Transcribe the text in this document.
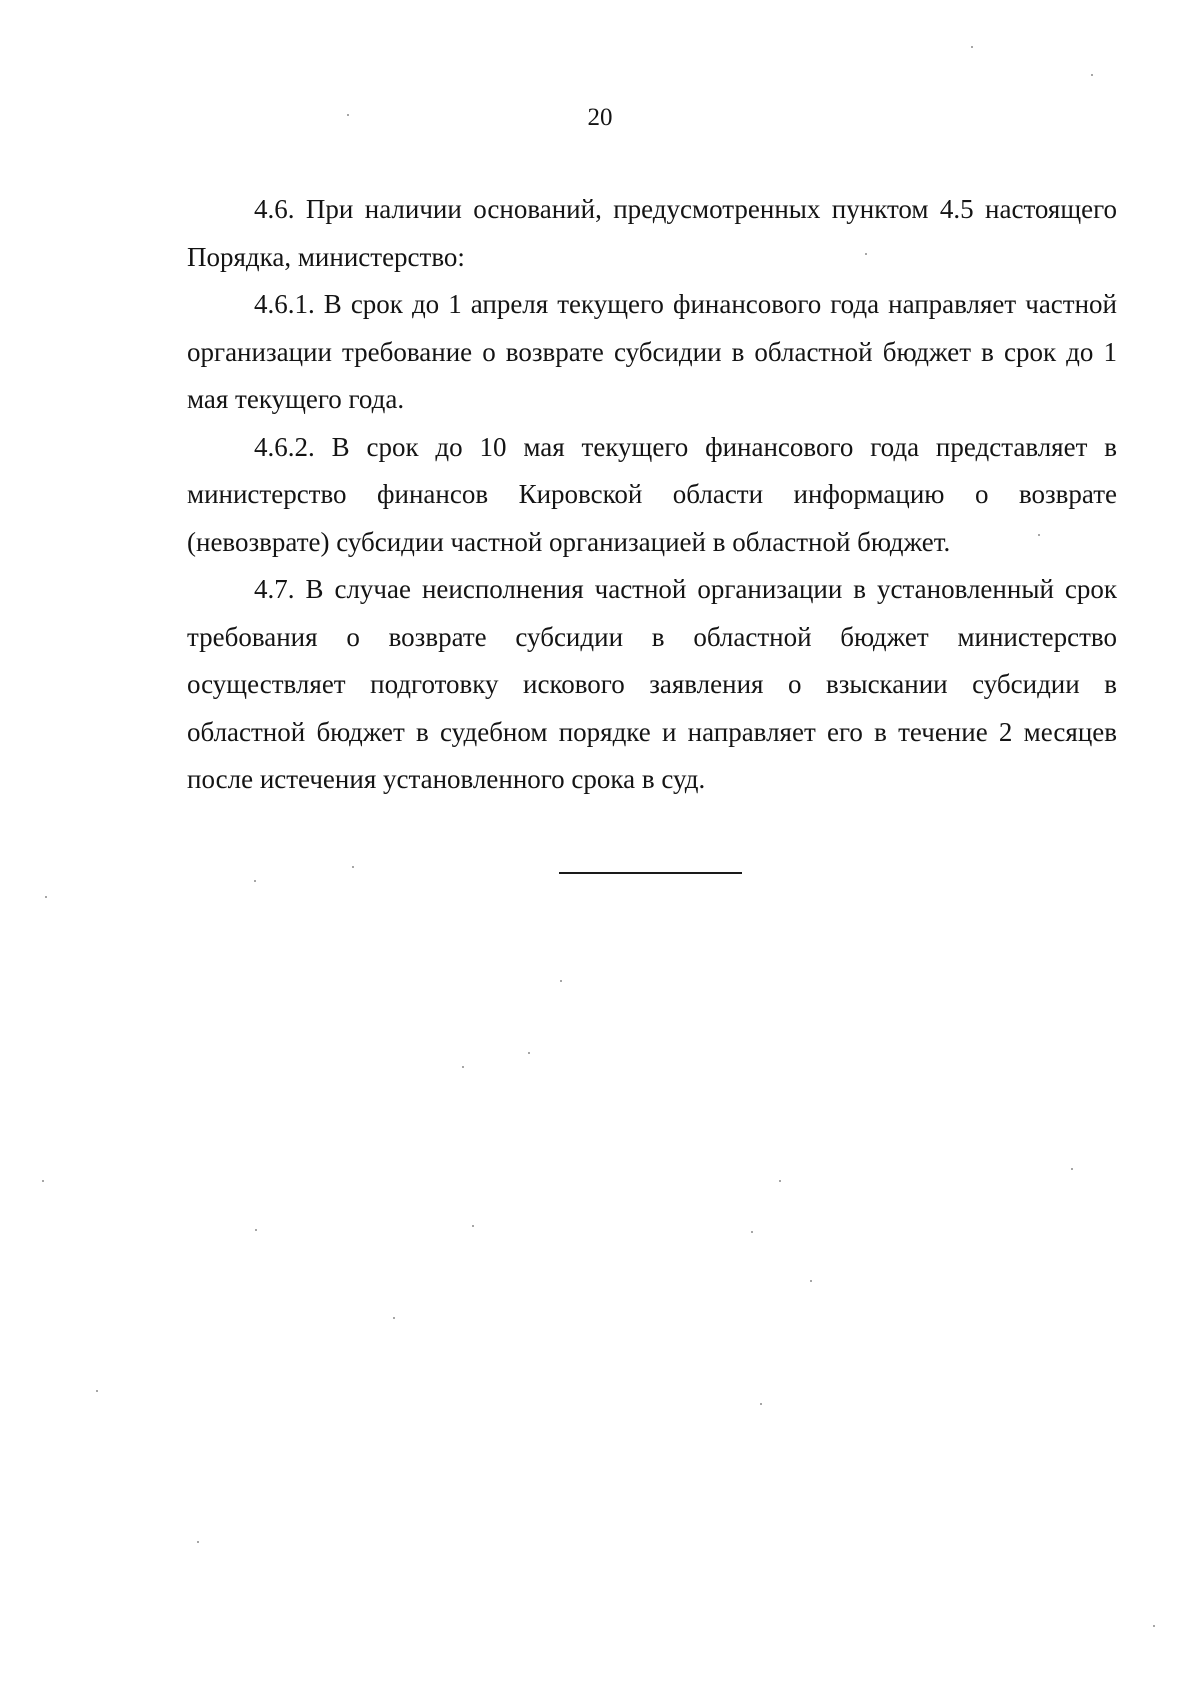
20

4.6. При наличии оснований, предусмотренных пунктом 4.5 настоящего Порядка, министерство:

4.6.1. В срок до 1 апреля текущего финансового года направляет частной организации требование о возврате субсидии в областной бюджет в срок до 1 мая текущего года.

4.6.2. В срок до 10 мая текущего финансового года представляет в министерство финансов Кировской области информацию о возврате (невозврате) субсидии частной организацией в областной бюджет.

4.7. В случае неисполнения частной организации в установленный срок требования о возврате субсидии в областной бюджет министерство осуществляет подготовку искового заявления о взыскании субсидии в областной бюджет в судебном порядке и направляет его в течение 2 месяцев после истечения установленного срока в суд.
